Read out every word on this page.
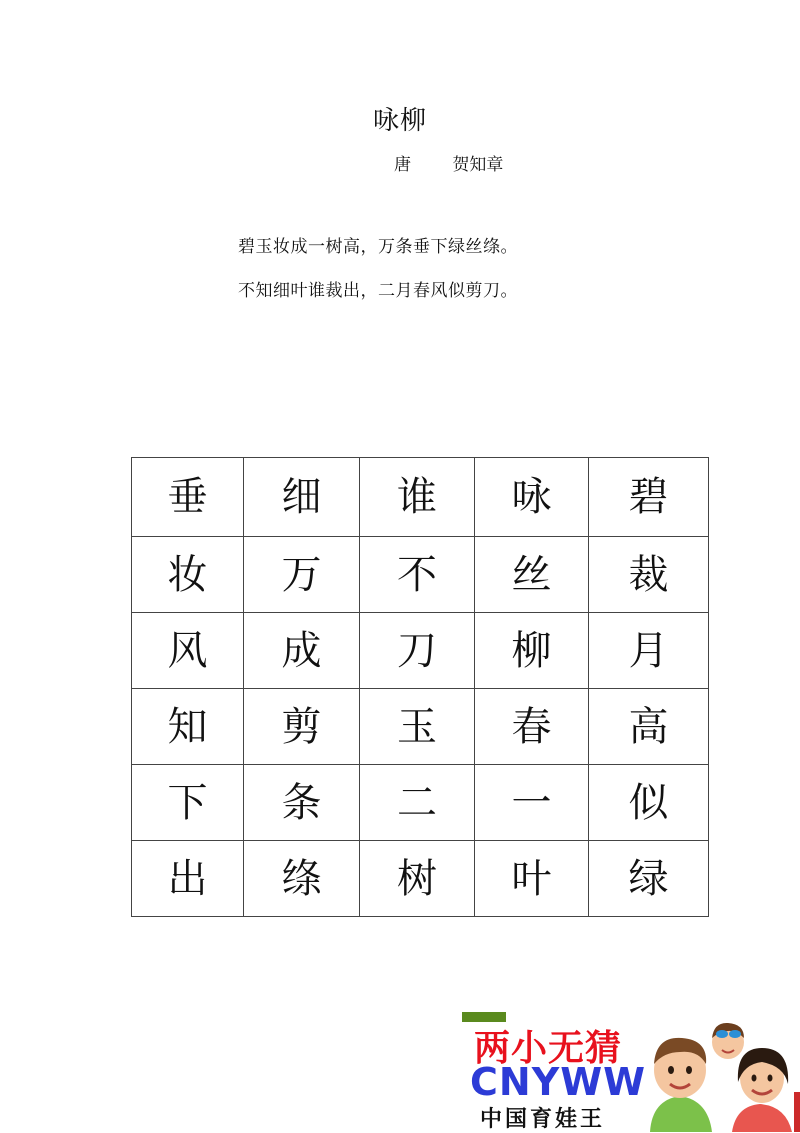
咏柳
唐 贺知章
碧玉妆成一树高，万条垂下绿丝绦。
不知细叶谁裁出，二月春风似剪刀。
垂	细	谁	咏	碧
妆	万	不	丝	裁
风	成	刀	柳	月
知	剪	玉	春	高
下	条	二	一	似
出	绦	树	叶	绿
两小无猜
CNYWW
中国育娃王
